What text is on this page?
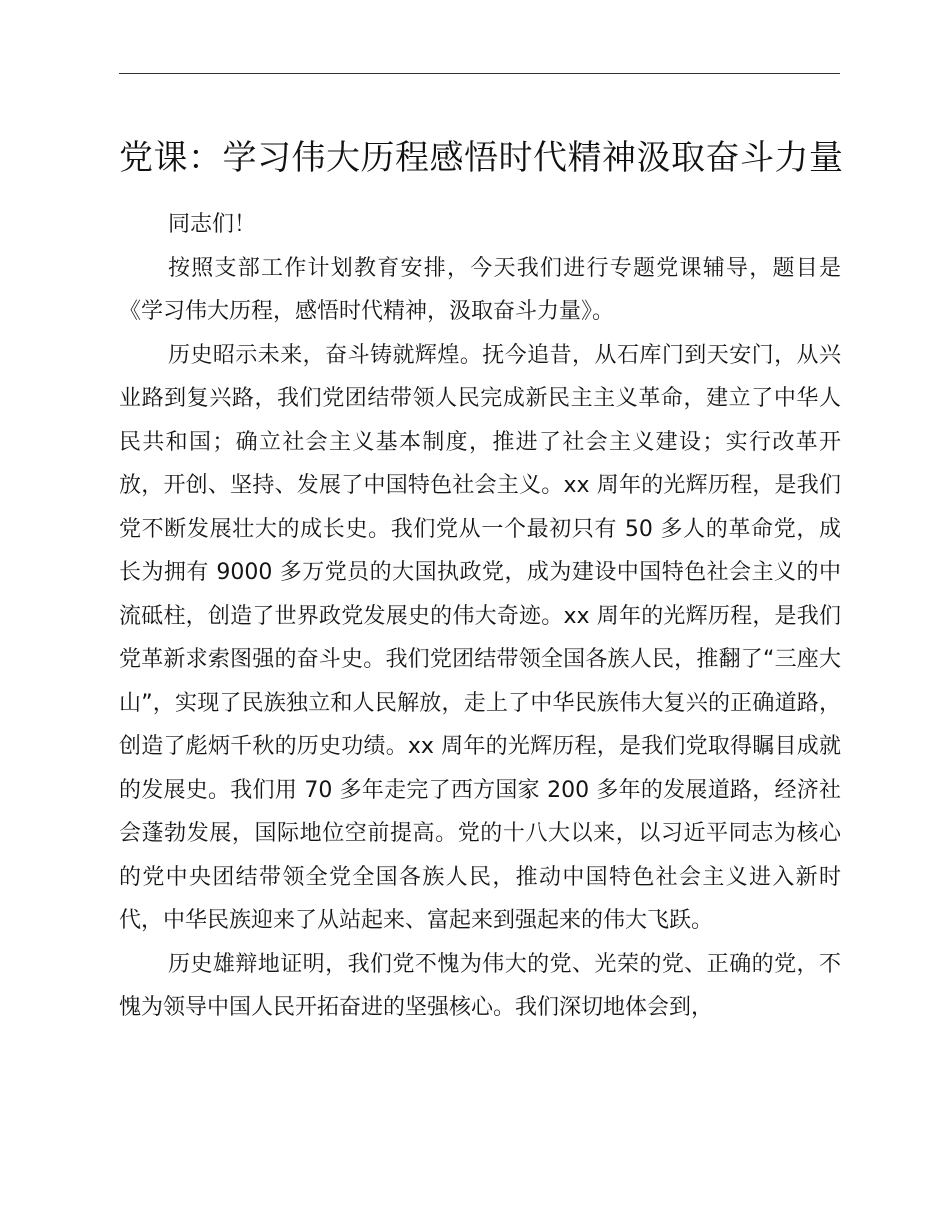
党课：学习伟大历程感悟时代精神汲取奋斗力量

同志们！

按照支部工作计划教育安排，今天我们进行专题党课辅导，题目是《学习伟大历程，感悟时代精神，汲取奋斗力量》。

历史昭示未来，奋斗铸就辉煌。抚今追昔，从石库门到天安门，从兴业路到复兴路，我们党团结带领人民完成新民主主义革命，建立了中华人民共和国；确立社会主义基本制度，推进了社会主义建设；实行改革开放，开创、坚持、发展了中国特色社会主义。xx 周年的光辉历程，是我们党不断发展壮大的成长史。我们党从一个最初只有 50 多人的革命党，成长为拥有 9000 多万党员的大国执政党，成为建设中国特色社会主义的中流砥柱，创造了世界政党发展史的伟大奇迹。xx 周年的光辉历程，是我们党革新求索图强的奋斗史。我们党团结带领全国各族人民，推翻了“三座大山”，实现了民族独立和人民解放，走上了中华民族伟大复兴的正确道路，创造了彪炳千秋的历史功绩。xx 周年的光辉历程，是我们党取得瞩目成就的发展史。我们用 70 多年走完了西方国家 200 多年的发展道路，经济社会蓬勃发展，国际地位空前提高。党的十八大以来，以习近平同志为核心的党中央团结带领全党全国各族人民，推动中国特色社会主义进入新时代，中华民族迎来了从站起来、富起来到强起来的伟大飞跃。

历史雄辩地证明，我们党不愧为伟大的党、光荣的党、正确的党，不愧为领导中国人民开拓奋进的坚强核心。我们深切地体会到，
